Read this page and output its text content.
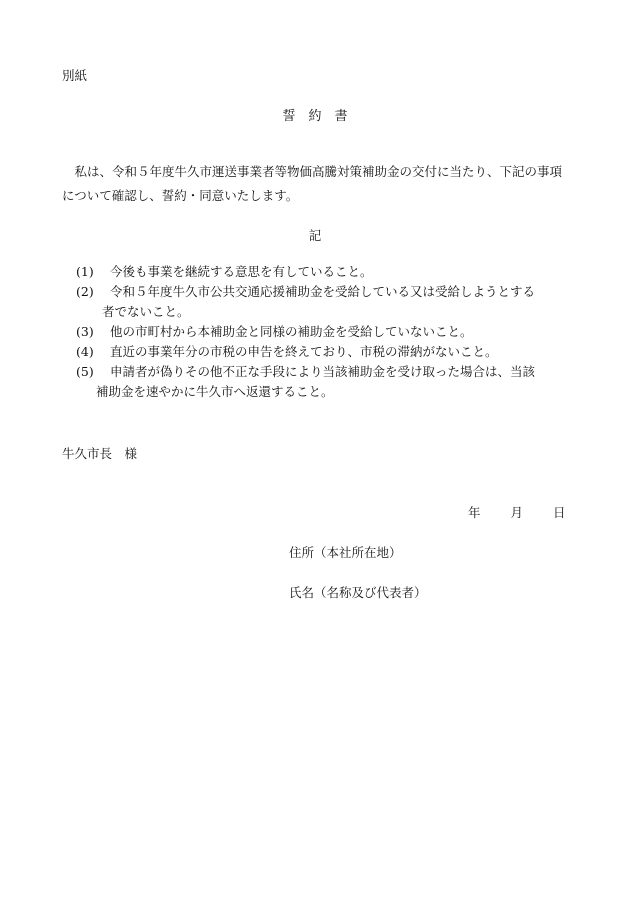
別紙
誓　約　書
私は、令和５年度牛久市運送事業者等物価高騰対策補助金の交付に当たり、下記の事項について確認し、誓約・同意いたします。
記
(1)	今後も事業を継続する意思を有していること。
(2)	令和５年度牛久市公共交通応援補助金を受給している又は受給しようとする
者でないこと。
(3)	他の市町村から本補助金と同様の補助金を受給していないこと。
(4)	直近の事業年分の市税の申告を終えており、市税の滞納がないこと。
(5)	申請者が偽りその他不正な手段により当該補助金を受け取った場合は、当該
補助金を速やかに牛久市へ返還すること。
牛久市長　様
年 月 日
住所（本社所在地）
氏名（名称及び代表者）
